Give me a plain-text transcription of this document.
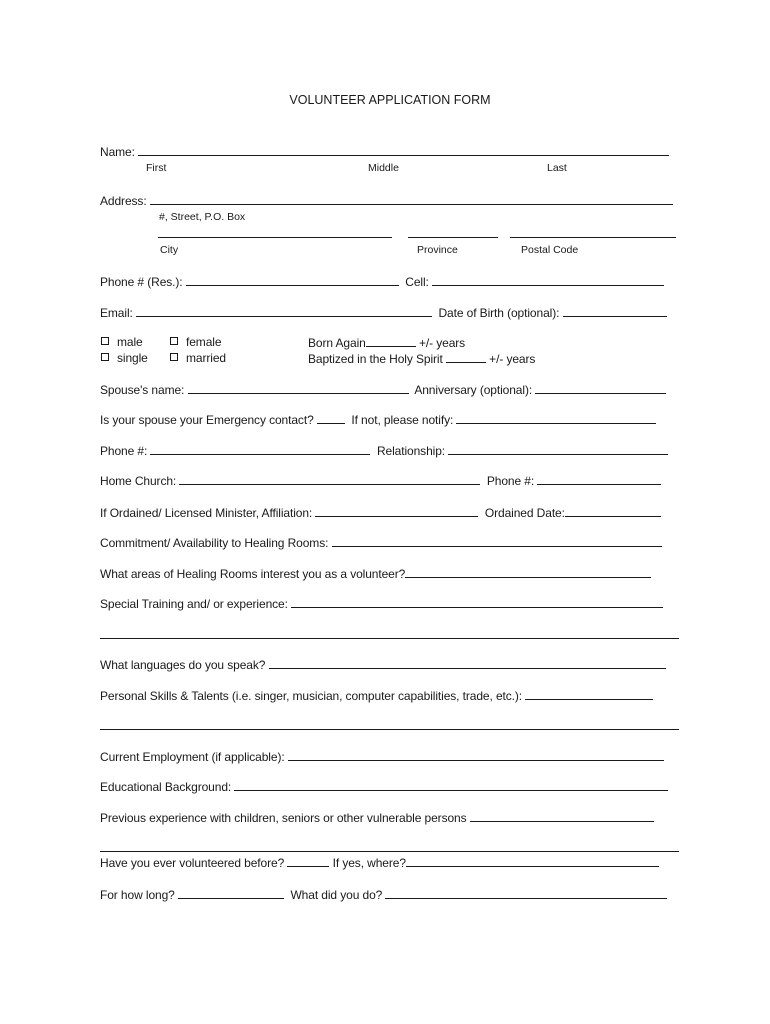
VOLUNTEER APPLICATION FORM
Name:
First	Middle	Last
Address:
#, Street, P.O. Box
City	Province	Postal Code
Phone # (Res.):	Cell:
Email:	Date of Birth (optional):
male	female
single	married
Born Again	+/- years
Baptized in the Holy Spirit	+/- years
Spouse's name:	Anniversary (optional):
Is your spouse your Emergency contact?	If not, please notify:
Phone #:	Relationship:
Home Church:	Phone #:
If Ordained/ Licensed Minister, Affiliation:	Ordained Date:
Commitment/ Availability to Healing Rooms:
What areas of Healing Rooms interest you as a volunteer?
Special Training and/ or experience:
What languages do you speak?
Personal Skills & Talents (i.e. singer, musician, computer capabilities, trade, etc.):
Current Employment (if applicable):
Educational Background:
Previous experience with children, seniors or other vulnerable persons
Have you ever volunteered before?	If yes, where?
For how long?	What did you do?
